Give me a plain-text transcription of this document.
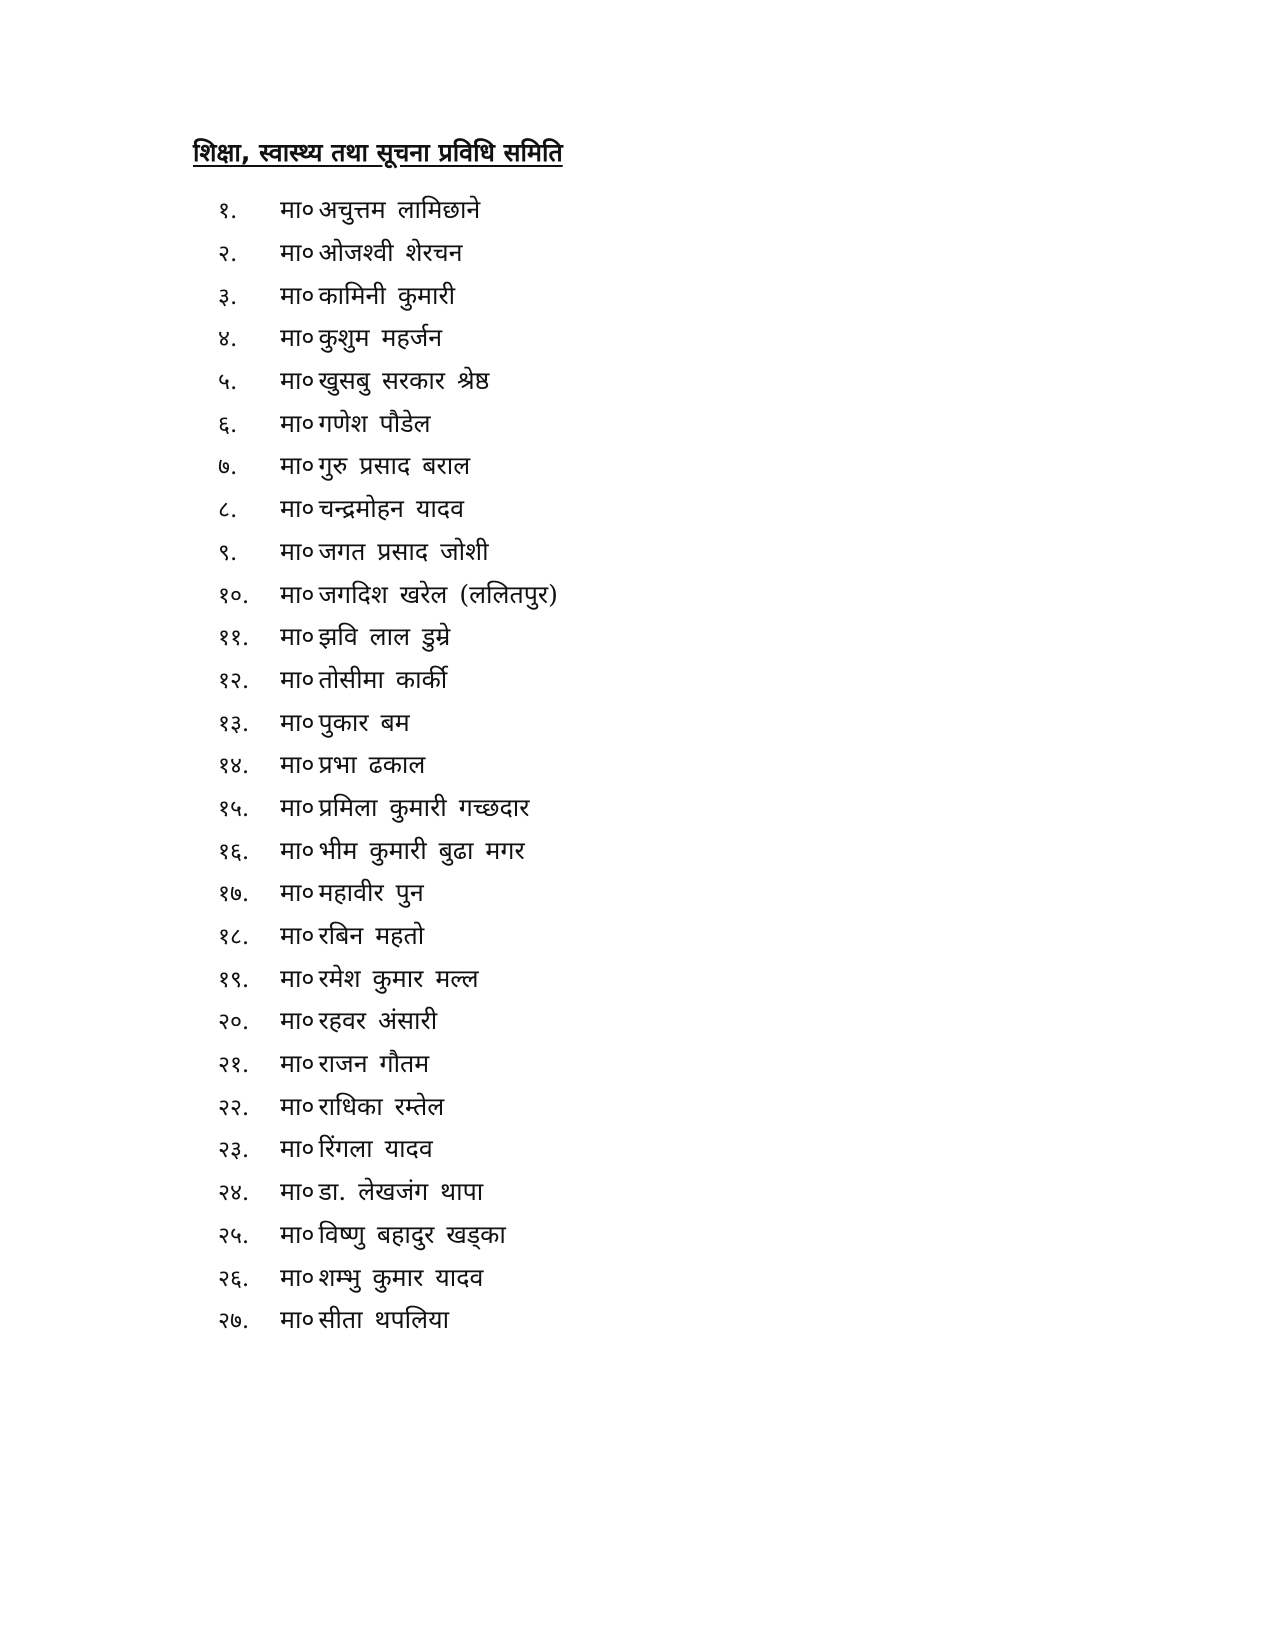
शिक्षा, स्वास्थ्य तथा सूचना प्रविधि समिति
१.	मा० अचुत्तम लामिछाने
२.	मा० ओजश्वी शेरचन
३.	मा० कामिनी कुमारी
४.	मा० कुशुम महर्जन
५.	मा० खुसबु सरकार श्रेष्ठ
६.	मा० गणेश पौडेल
७.	मा० गुरु प्रसाद बराल
८.	मा० चन्द्रमोहन यादव
९.	मा० जगत प्रसाद जोशी
१०.	मा० जगदिश खरेल (ललितपुर)
११.	मा० झवि लाल डुम्रे
१२.	मा० तोसीमा कार्की
१३.	मा० पुकार बम
१४.	मा० प्रभा ढकाल
१५.	मा० प्रमिला कुमारी गच्छदार
१६.	मा० भीम कुमारी बुढा मगर
१७.	मा० महावीर पुन
१८.	मा० रबिन महतो
१९.	मा० रमेश कुमार मल्ल
२०.	मा० रहवर अंसारी
२१.	मा० राजन गौतम
२२.	मा० राधिका रम्तेल
२३.	मा० रिंगला यादव
२४.	मा० डा. लेखजंग थापा
२५.	मा० विष्णु बहादुर खड्का
२६.	मा० शम्भु कुमार यादव
२७.	मा० सीता थपलिया
